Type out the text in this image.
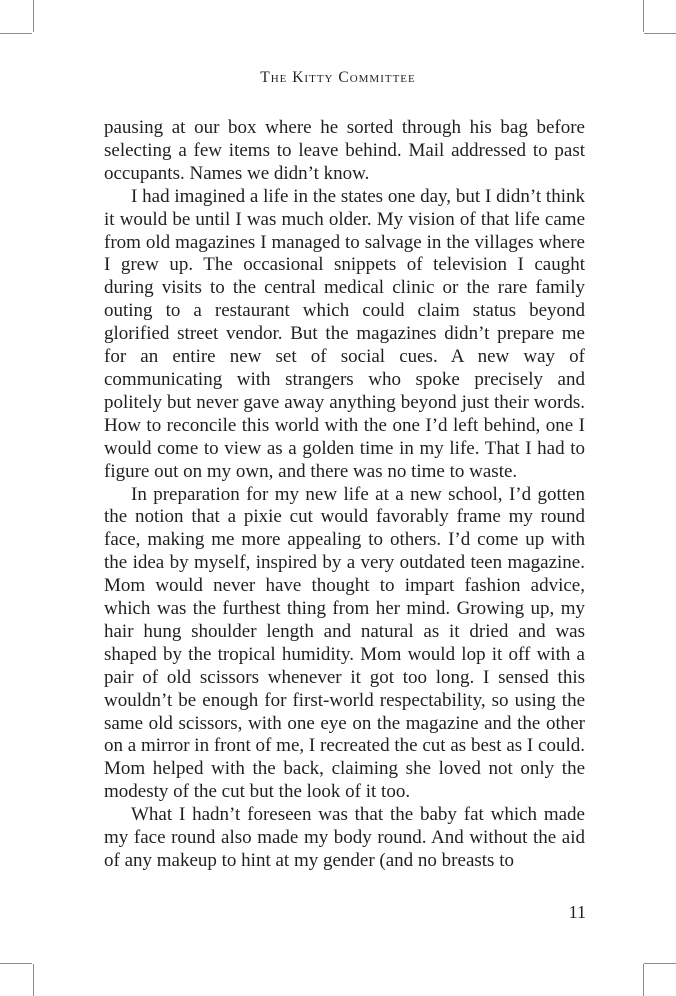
The Kitty Committee

pausing at our box where he sorted through his bag before selecting a few items to leave behind. Mail addressed to past occupants. Names we didn’t know.

I had imagined a life in the states one day, but I didn’t think it would be until I was much older. My vision of that life came from old magazines I managed to salvage in the villages where I grew up. The occasional snippets of television I caught during visits to the central medical clinic or the rare family outing to a restaurant which could claim status beyond glorified street vendor. But the magazines didn’t prepare me for an entire new set of social cues. A new way of communicating with strangers who spoke precisely and politely but never gave away anything beyond just their words. How to reconcile this world with the one I’d left behind, one I would come to view as a golden time in my life. That I had to figure out on my own, and there was no time to waste.

In preparation for my new life at a new school, I’d gotten the notion that a pixie cut would favorably frame my round face, making me more appealing to others. I’d come up with the idea by myself, inspired by a very outdated teen magazine. Mom would never have thought to impart fashion advice, which was the furthest thing from her mind. Growing up, my hair hung shoulder length and natural as it dried and was shaped by the tropical humidity. Mom would lop it off with a pair of old scissors whenever it got too long. I sensed this wouldn’t be enough for first-world respectability, so using the same old scissors, with one eye on the magazine and the other on a mirror in front of me, I recreated the cut as best as I could. Mom helped with the back, claiming she loved not only the modesty of the cut but the look of it too.

What I hadn’t foreseen was that the baby fat which made my face round also made my body round. And without the aid of any makeup to hint at my gender (and no breasts to

11
